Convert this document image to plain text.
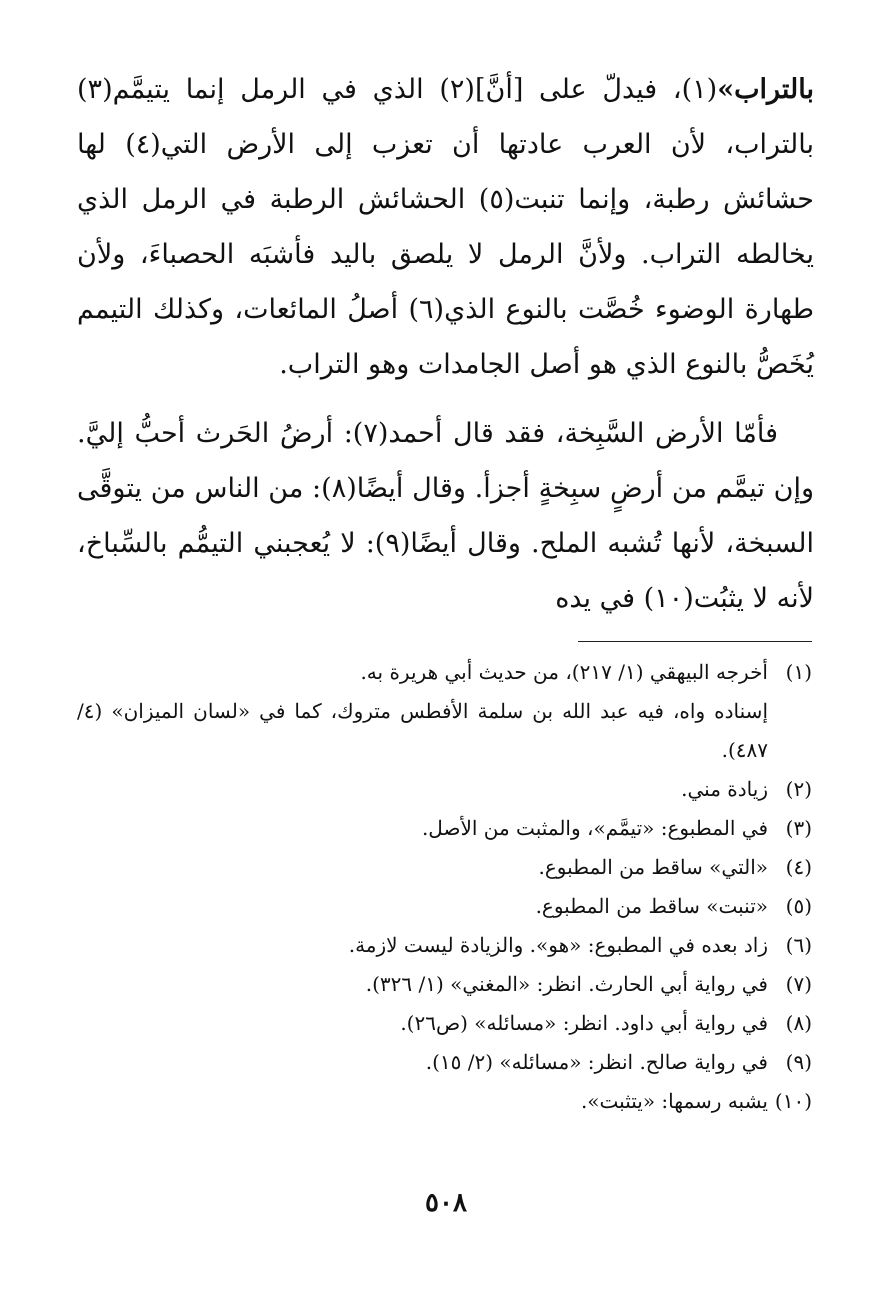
بالتراب»(١)، فيدلّ على [أنَّ](٢) الذي في الرمل إنما يتيمَّم(٣) بالتراب، لأن العرب عادتها أن تعزب إلى الأرض التي(٤) لها حشائش رطبة، وإنما تنبت(٥) الحشائش الرطبة في الرمل الذي يخالطه التراب. ولأنَّ الرمل لا يلصق باليد فأشبَه الحصباءَ، ولأن طهارة الوضوء خُصَّت بالنوع الذي(٦) أصلُ المائعات، وكذلك التيمم يُخَصُّ بالنوع الذي هو أصل الجامدات وهو التراب.

فأمّا الأرض السَّبِخة، فقد قال أحمد(٧): أرضُ الحَرث أحبُّ إليَّ. وإن تيمَّم من أرضٍ سبِخةٍ أجزأ. وقال أيضًا(٨): من الناس من يتوقَّى السبخة، لأنها تُشبه الملح. وقال أيضًا(٩): لا يُعجبني التيمُّم بالسِّباخ، لأنه لا يثبُت(١٠) في يده

(١)
أخرجه البيهقي (١/ ٢١٧)، من حديث أبي هريرة به.
إسناده واه، فيه عبد الله بن سلمة الأفطس متروك، كما في «لسان الميزان» (٤/ ٤٨٧).
(٢)
زيادة مني.
(٣)
في المطبوع: «تيمَّم»، والمثبت من الأصل.
(٤)
«التي» ساقط من المطبوع.
(٥)
«تنبت» ساقط من المطبوع.
(٦)
زاد بعده في المطبوع: «هو». والزيادة ليست لازمة.
(٧)
في رواية أبي الحارث. انظر: «المغني» (١/ ٣٢٦).
(٨)
في رواية أبي داود. انظر: «مسائله» (ص٢٦).
(٩)
في رواية صالح. انظر: «مسائله» (٢/ ١٥).
(١٠)
يشبه رسمها: «يتثبت».
٥٠٨
